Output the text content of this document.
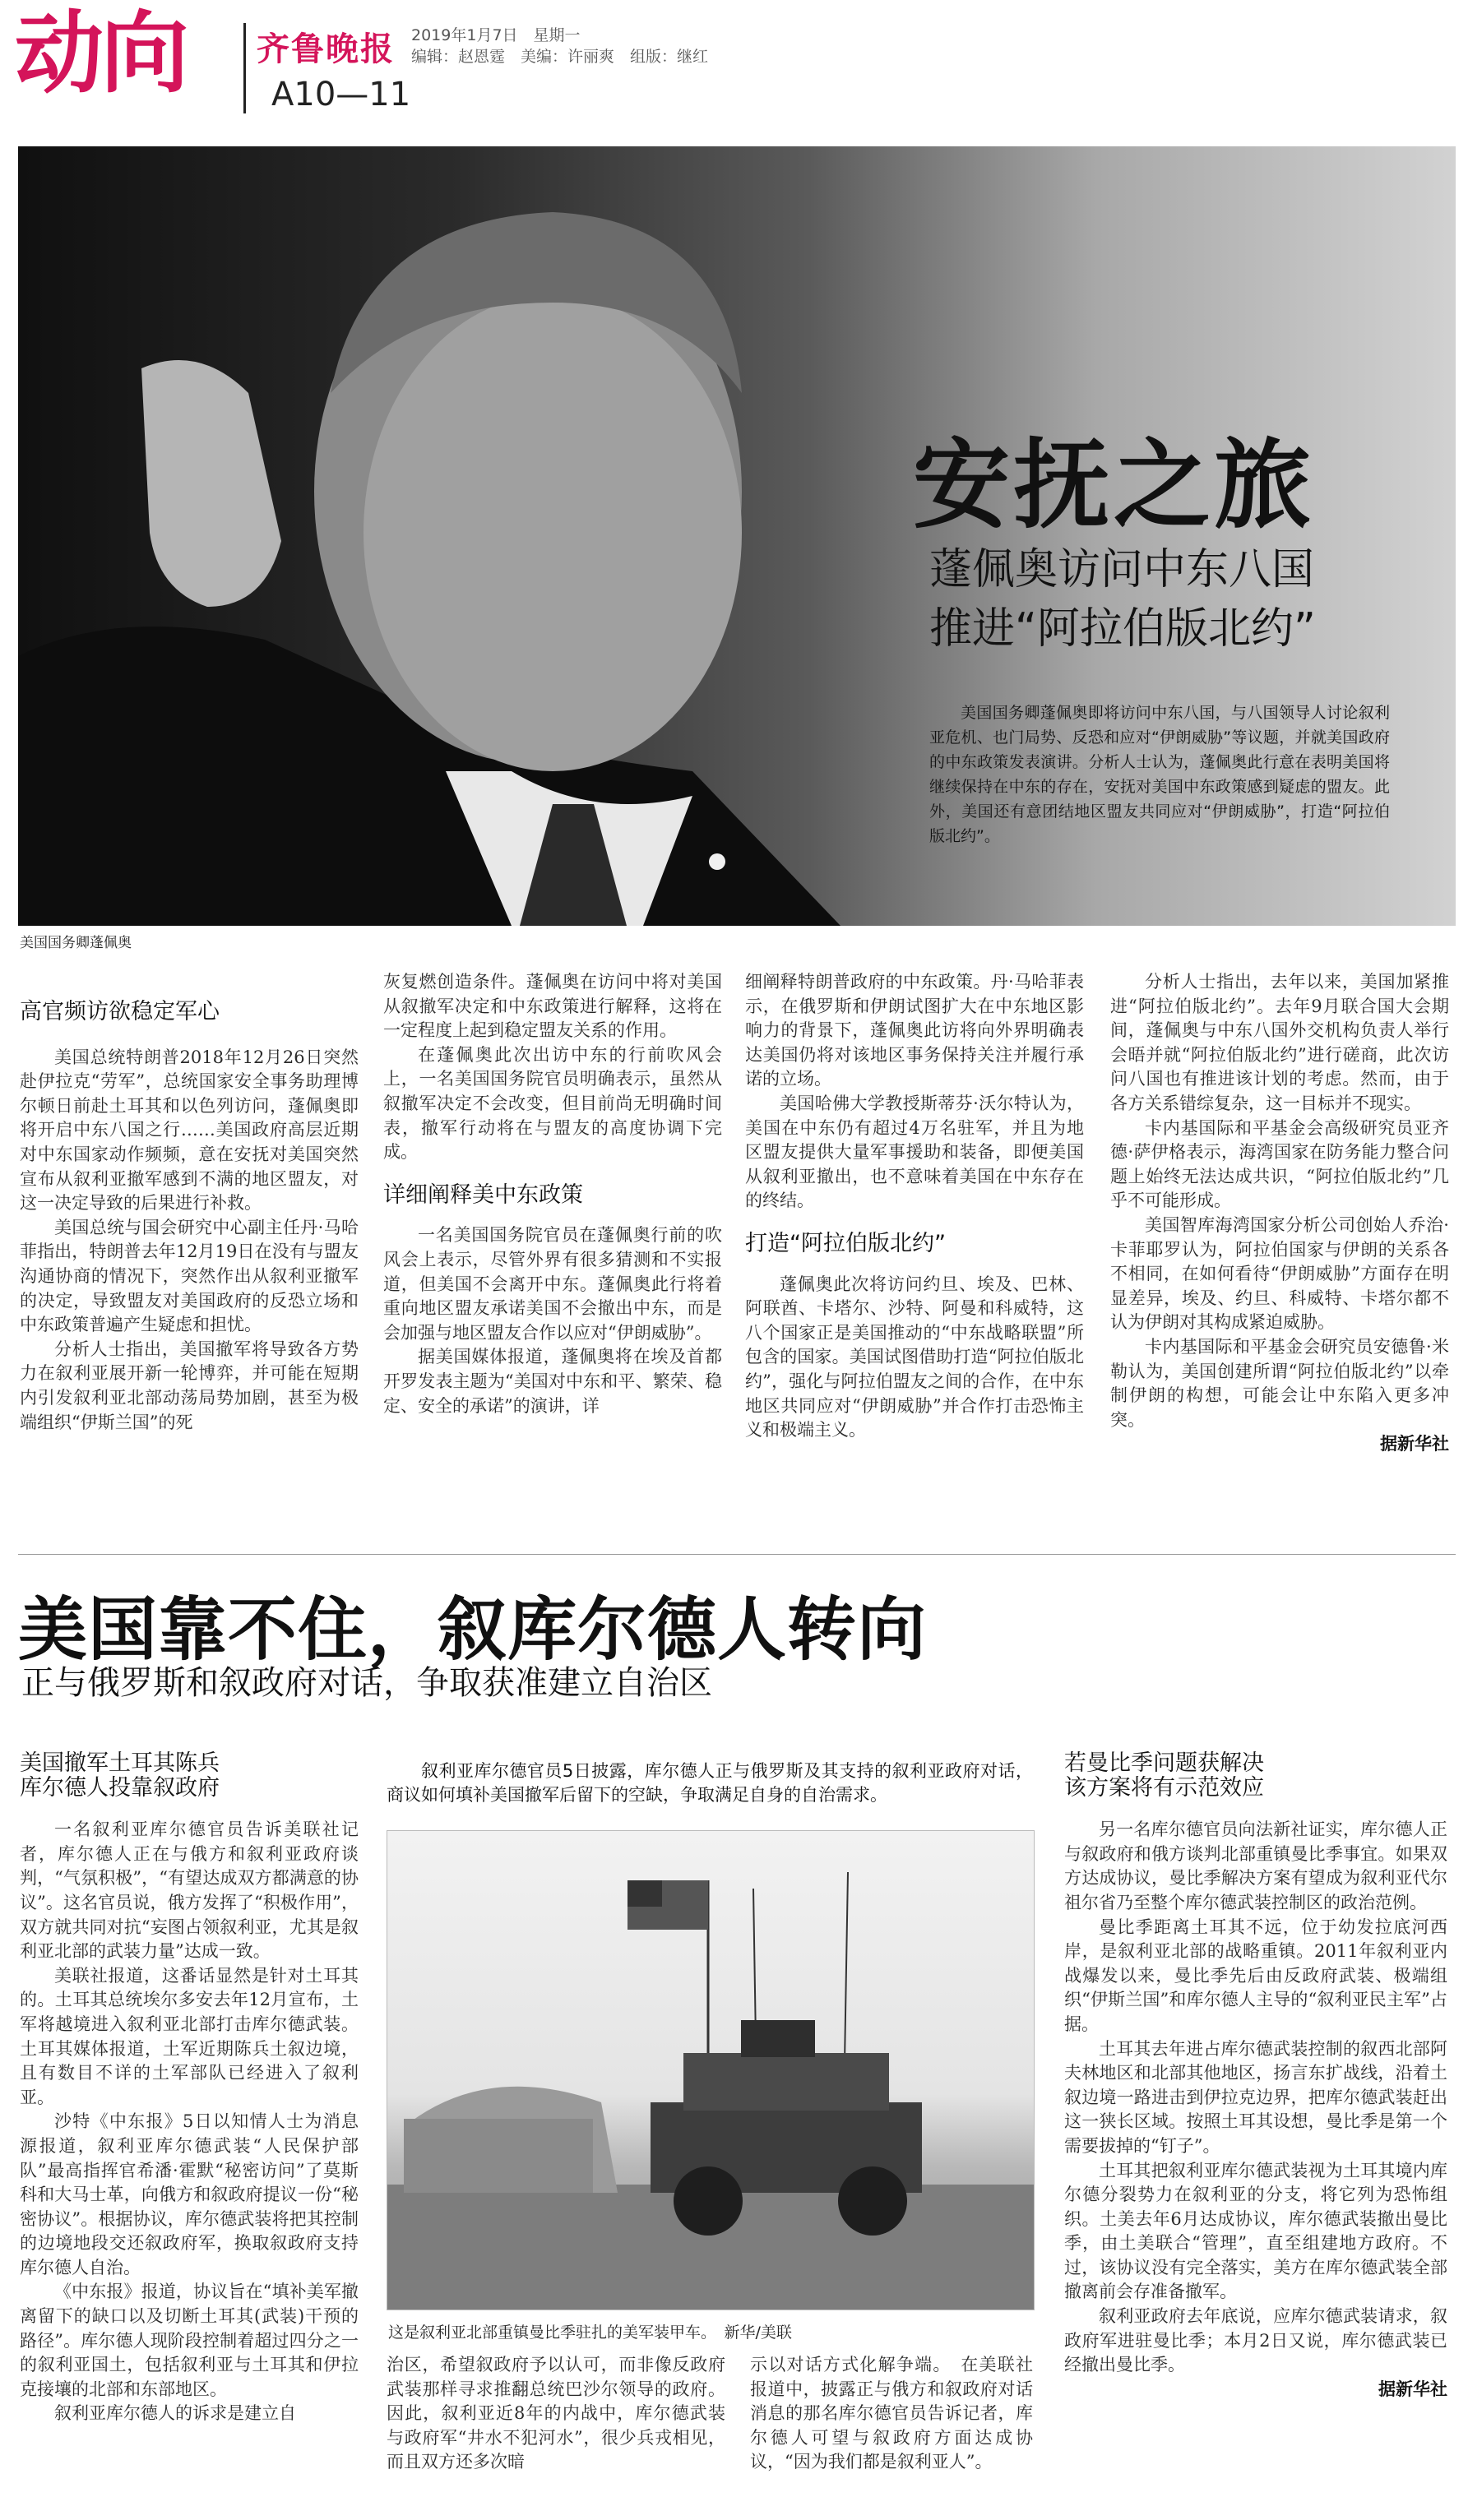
动向 齐鲁晚报
A10—11
2019年1月7日　星期一
编辑：赵恩霆　美编：许丽爽　组版：继红
安抚之旅
蓬佩奥访问中东八国
推进“阿拉伯版北约”
美国国务卿蓬佩奥即将访问中东八国，与八国领导人讨论叙利亚危机、也门局势、反恐和应对“伊朗威胁”等议题，并就美国政府的中东政策发表演讲。分析人士认为，蓬佩奥此行意在表明美国将继续保持在中东的存在，安抚对美国中东政策感到疑虑的盟友。此外，美国还有意团结地区盟友共同应对“伊朗威胁”，打造“阿拉伯版北约”。
美国国务卿蓬佩奥
高官频访欲稳定军心

美国总统特朗普2018年12月26日突然赴伊拉克“劳军”，总统国家安全事务助理博尔顿日前赴土耳其和以色列访问，蓬佩奥即将开启中东八国之行……美国政府高层近期对中东国家动作频频，意在安抚对美国突然宣布从叙利亚撤军感到不满的地区盟友，对这一决定导致的后果进行补救。

美国总统与国会研究中心副主任丹·马哈菲指出，特朗普去年12月19日在没有与盟友沟通协商的情况下，突然作出从叙利亚撤军的决定，导致盟友对美国政府的反恐立场和中东政策普遍产生疑虑和担忧。

分析人士指出，美国撤军将导致各方势力在叙利亚展开新一轮博弈，并可能在短期内引发叙利亚北部动荡局势加剧，甚至为极端组织“伊斯兰国”的死

灰复燃创造条件。蓬佩奥在访问中将对美国从叙撤军决定和中东政策进行解释，这将在一定程度上起到稳定盟友关系的作用。

在蓬佩奥此次出访中东的行前吹风会上，一名美国国务院官员明确表示，虽然从叙撤军决定不会改变，但目前尚无明确时间表，撤军行动将在与盟友的高度协调下完成。

详细阐释美中东政策

一名美国国务院官员在蓬佩奥行前的吹风会上表示，尽管外界有很多猜测和不实报道，但美国不会离开中东。蓬佩奥此行将着重向地区盟友承诺美国不会撤出中东，而是会加强与地区盟友合作以应对“伊朗威胁”。

据美国媒体报道，蓬佩奥将在埃及首都开罗发表主题为“美国对中东和平、繁荣、稳定、安全的承诺”的演讲，详

细阐释特朗普政府的中东政策。丹·马哈菲表示，在俄罗斯和伊朗试图扩大在中东地区影响力的背景下，蓬佩奥此访将向外界明确表达美国仍将对该地区事务保持关注并履行承诺的立场。

美国哈佛大学教授斯蒂芬·沃尔特认为，美国在中东仍有超过4万名驻军，并且为地区盟友提供大量军事援助和装备，即便美国从叙利亚撤出，也不意味着美国在中东存在的终结。

打造“阿拉伯版北约”

蓬佩奥此次将访问约旦、埃及、巴林、阿联酋、卡塔尔、沙特、阿曼和科威特，这八个国家正是美国推动的“中东战略联盟”所包含的国家。美国试图借助打造“阿拉伯版北约”，强化与阿拉伯盟友之间的合作，在中东地区共同应对“伊朗威胁”并合作打击恐怖主义和极端主义。

分析人士指出，去年以来，美国加紧推进“阿拉伯版北约”。去年9月联合国大会期间，蓬佩奥与中东八国外交机构负责人举行会晤并就“阿拉伯版北约”进行磋商，此次访问八国也有推进该计划的考虑。然而，由于各方关系错综复杂，这一目标并不现实。

卡内基国际和平基金会高级研究员亚齐德·萨伊格表示，海湾国家在防务能力整合问题上始终无法达成共识，“阿拉伯版北约”几乎不可能形成。

美国智库海湾国家分析公司创始人乔治·卡菲耶罗认为，阿拉伯国家与伊朗的关系各不相同，在如何看待“伊朗威胁”方面存在明显差异，埃及、约旦、科威特、卡塔尔都不认为伊朗对其构成紧迫威胁。

卡内基国际和平基金会研究员安德鲁·米勒认为，美国创建所谓“阿拉伯版北约”以牵制伊朗的构想，可能会让中东陷入更多冲突。

据新华社
美国靠不住，叙库尔德人转向
正与俄罗斯和叙政府对话，争取获准建立自治区
美国撤军土耳其陈兵
库尔德人投靠叙政府

一名叙利亚库尔德官员告诉美联社记者，库尔德人正在与俄方和叙利亚政府谈判，“气氛积极”，“有望达成双方都满意的协议”。这名官员说，俄方发挥了“积极作用”，双方就共同对抗“妄图占领叙利亚，尤其是叙利亚北部的武装力量”达成一致。

美联社报道，这番话显然是针对土耳其的。土耳其总统埃尔多安去年12月宣布，土军将越境进入叙利亚北部打击库尔德武装。土耳其媒体报道，土军近期陈兵土叙边境，且有数目不详的土军部队已经进入了叙利亚。

沙特《中东报》5日以知情人士为消息源报道，叙利亚库尔德武装“人民保护部队”最高指挥官希潘·霍默“秘密访问”了莫斯科和大马士革，向俄方和叙政府提议一份“秘密协议”。根据协议，库尔德武装将把其控制的边境地段交还叙政府军，换取叙政府支持库尔德人自治。

《中东报》报道，协议旨在“填补美军撤离留下的缺口以及切断土耳其(武装)干预的路径”。库尔德人现阶段控制着超过四分之一的叙利亚国土，包括叙利亚与土耳其和伊拉克接壤的北部和东部地区。

叙利亚库尔德人的诉求是建立自

叙利亚库尔德官员5日披露，库尔德人正与俄罗斯及其支持的叙利亚政府对话，商议如何填补美国撤军后留下的空缺，争取满足自身的自治需求。
这是叙利亚北部重镇曼比季驻扎的美军装甲车。　新华/美联

治区，希望叙政府予以认可，而非像反政府武装那样寻求推翻总统巴沙尔领导的政府。因此，叙利亚近8年的内战中，库尔德武装与政府军“井水不犯河水”，很少兵戎相见，而且双方还多次暗

示以对话方式化解争端。　在美联社报道中，披露正与俄方和叙政府对话消息的那名库尔德官员告诉记者，库尔德人可望与叙政府方面达成协议，“因为我们都是叙利亚人”。

若曼比季问题获解决
该方案将有示范效应

另一名库尔德官员向法新社证实，库尔德人正与叙政府和俄方谈判北部重镇曼比季事宜。如果双方达成协议，曼比季解决方案有望成为叙利亚代尔祖尔省乃至整个库尔德武装控制区的政治范例。

曼比季距离土耳其不远，位于幼发拉底河西岸，是叙利亚北部的战略重镇。2011年叙利亚内战爆发以来，曼比季先后由反政府武装、极端组织“伊斯兰国”和库尔德人主导的“叙利亚民主军”占据。

土耳其去年进占库尔德武装控制的叙西北部阿夫林地区和北部其他地区，扬言东扩战线，沿着土叙边境一路进击到伊拉克边界，把库尔德武装赶出这一狭长区域。按照土耳其设想，曼比季是第一个需要拔掉的“钉子”。

土耳其把叙利亚库尔德武装视为土耳其境内库尔德分裂势力在叙利亚的分支，将它列为恐怖组织。土美去年6月达成协议，库尔德武装撤出曼比季，由土美联合“管理”，直至组建地方政府。不过，该协议没有完全落实，美方在库尔德武装全部撤离前会存准备撤军。

叙利亚政府去年底说，应库尔德武装请求，叙政府军进驻曼比季；本月2日又说，库尔德武装已经撤出曼比季。

据新华社
